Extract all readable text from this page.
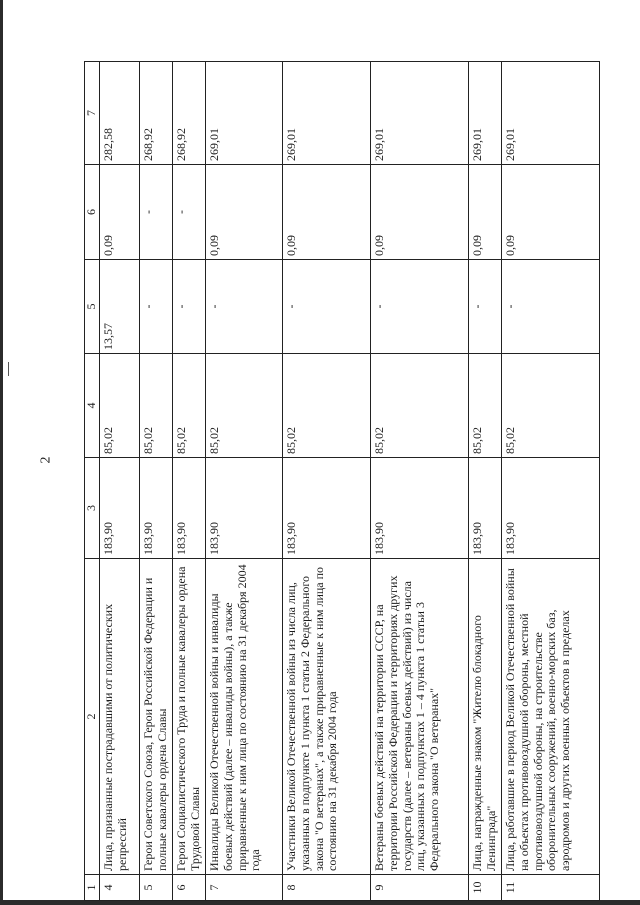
2
1	2	3	4	5	6	7
4	Лица, признанные пострадавшими от политических репрессий	183,90	85,02	13,57	0,09	282,58
5	Герои Советского Союза, Герои Российской Федерации и полные кавалеры ордена Славы	183,90	85,02	-	-	268,92
6	Герои Социалистического Труда и полные кавалеры ордена Трудовой Славы	183,90	85,02	-	-	268,92
7	Инвалиды Великой Отечественной войны и инвалиды боевых действий (далее – инвалиды войны), а также приравненные к ним лица по состоянию на 31 декабря 2004 года	183,90	85,02	-	0,09	269,01
8	Участники Великой Отечественной войны из числа лиц, указанных в подпункте 1 пункта 1 статьи 2 Федерального закона "О ветеранах", а также приравненные к ним лица по состоянию на 31 декабря 2004 года	183,90	85,02	-	0,09	269,01
9	Ветераны боевых действий на территории СССР, на территории Российской Федерации и территориях других государств (далее – ветераны боевых действий) из числа лиц, указанных в подпунктах 1 – 4 пункта 1 статьи 3 Федерального закона "О ветеранах"	183,90	85,02	-	0,09	269,01
10	Лица, награжденные знаком "Жителю блокадного Ленинграда"	183,90	85,02	-	0,09	269,01
11	Лица, работавшие в период Великой Отечественной войны на объектах противовоздушной обороны, местной противовоздушной обороны, на строительстве оборонительных сооружений, военно-морских баз, аэродромов и других военных объектов в пределах	183,90	85,02	-	0,09	269,01
